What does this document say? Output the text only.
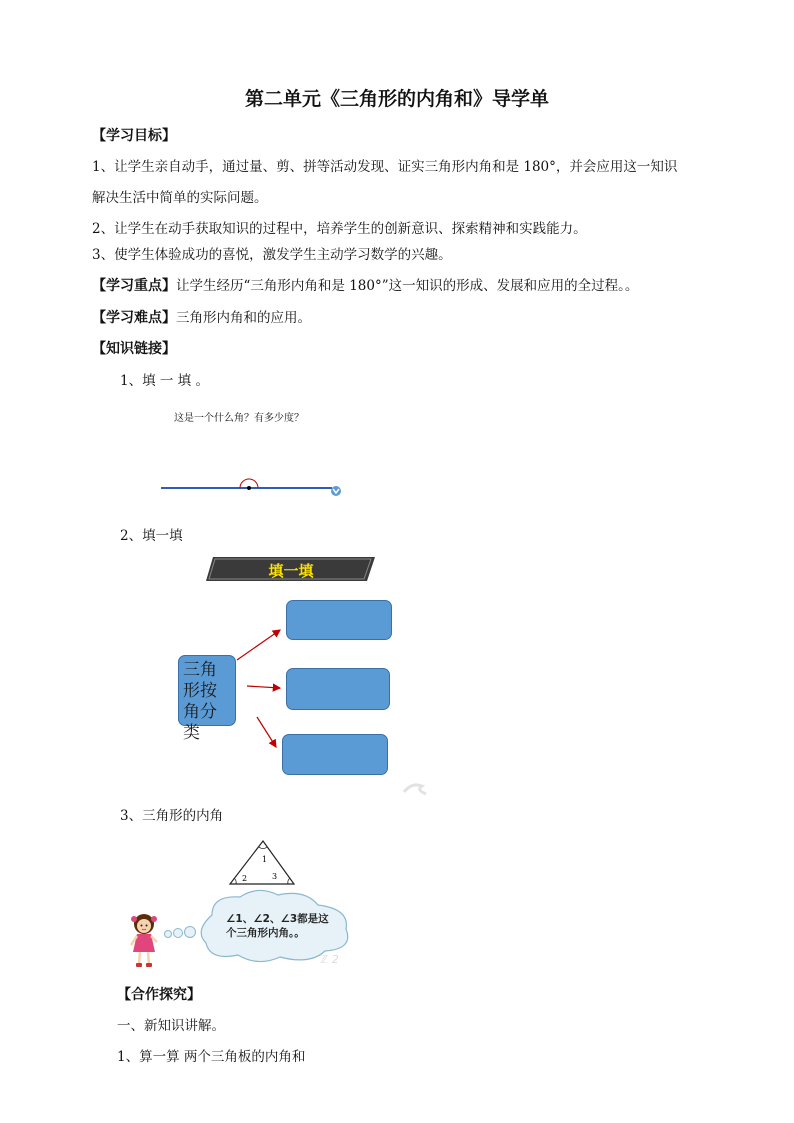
第二单元《三角形的内角和》导学单
【学习目标】
1、让学生亲自动手，通过量、剪、拼等活动发现、证实三角形内角和是 180°，并会应用这一知识
解决生活中简单的实际问题。
2、让学生在动手获取知识的过程中，培养学生的创新意识、探索精神和实践能力。
3、使学生体验成功的喜悦，激发学生主动学习数学的兴趣。
【学习重点】让学生经历“三角形内角和是 180°”这一知识的形成、发展和应用的全过程。。
【学习难点】三角形内角和的应用。
【知识链接】
1、填 一 填 。
这是一个什么角？有多少度？
2、填一填
填一填
三角形按角分类
3、三角形的内角
1
2	3
ℤ 2
∠1、∠2、∠3都是这个三角形内角。。
【合作探究】
一、新知识讲解。
1、算一算 两个三角板的内角和
